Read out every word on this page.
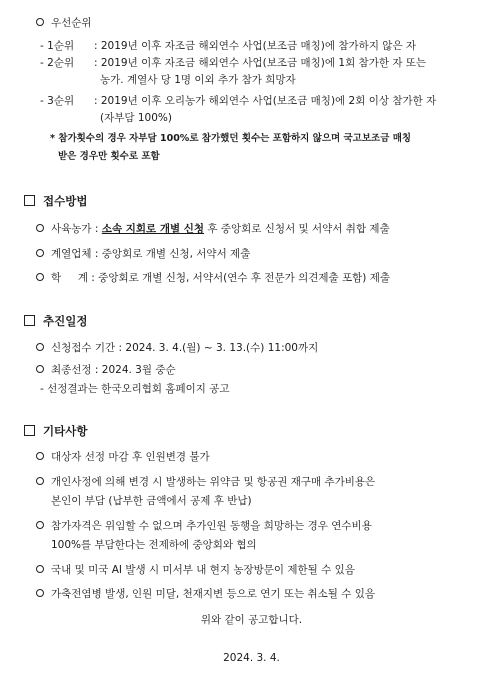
우선순위
- 1순위 : 2019년 이후 자조금 해외연수 사업(보조금 매칭)에 참가하지 않은 자
- 2순위 : 2019년 이후 자조금 해외연수 사업(보조금 매칭)에 1회 참가한 자 또는
농가. 계열사 당 1명 이외 추가 참가 희망자
- 3순위 : 2019년 이후 오리농가 해외연수 사업(보조금 매칭)에 2회 이상 참가한 자
(자부담 100%)
* 참가횟수의 경우 자부담 100%로 참가했던 횟수는 포함하지 않으며 국고보조금 매칭
받은 경우만 횟수로 포함
접수방법
사육농가 : 소속 지회로 개별 신청 후 중앙회로 신청서 및 서약서 취합 제출
계열업체 : 중앙회로 개별 신청, 서약서 제출
학     계 : 중앙회로 개별 신청, 서약서(연수 후 전문가 의견제출 포함) 제출
추진일정
신청접수 기간 : 2024. 3. 4.(월) ~ 3. 13.(수) 11:00까지
최종선정 : 2024. 3월 중순
- 선정결과는 한국오리협회 홈페이지 공고
기타사항
대상자 선정 마감 후 인원변경 불가
개인사정에 의해 변경 시 발생하는 위약금 및 항공권 재구매 추가비용은
본인이 부담 (납부한 금액에서 공제 후 반납)
참가자격은 위임할 수 없으며 추가인원 동행을 희망하는 경우 연수비용
100%를 부담한다는 전제하에 중앙회와 협의
국내 및 미국 AI 발생 시 미서부 내 현지 농장방문이 제한될 수 있음
가축전염병 발생, 인원 미달, 천재지변 등으로 연기 또는 취소될 수 있음
위와 같이 공고합니다.
2024. 3. 4.
